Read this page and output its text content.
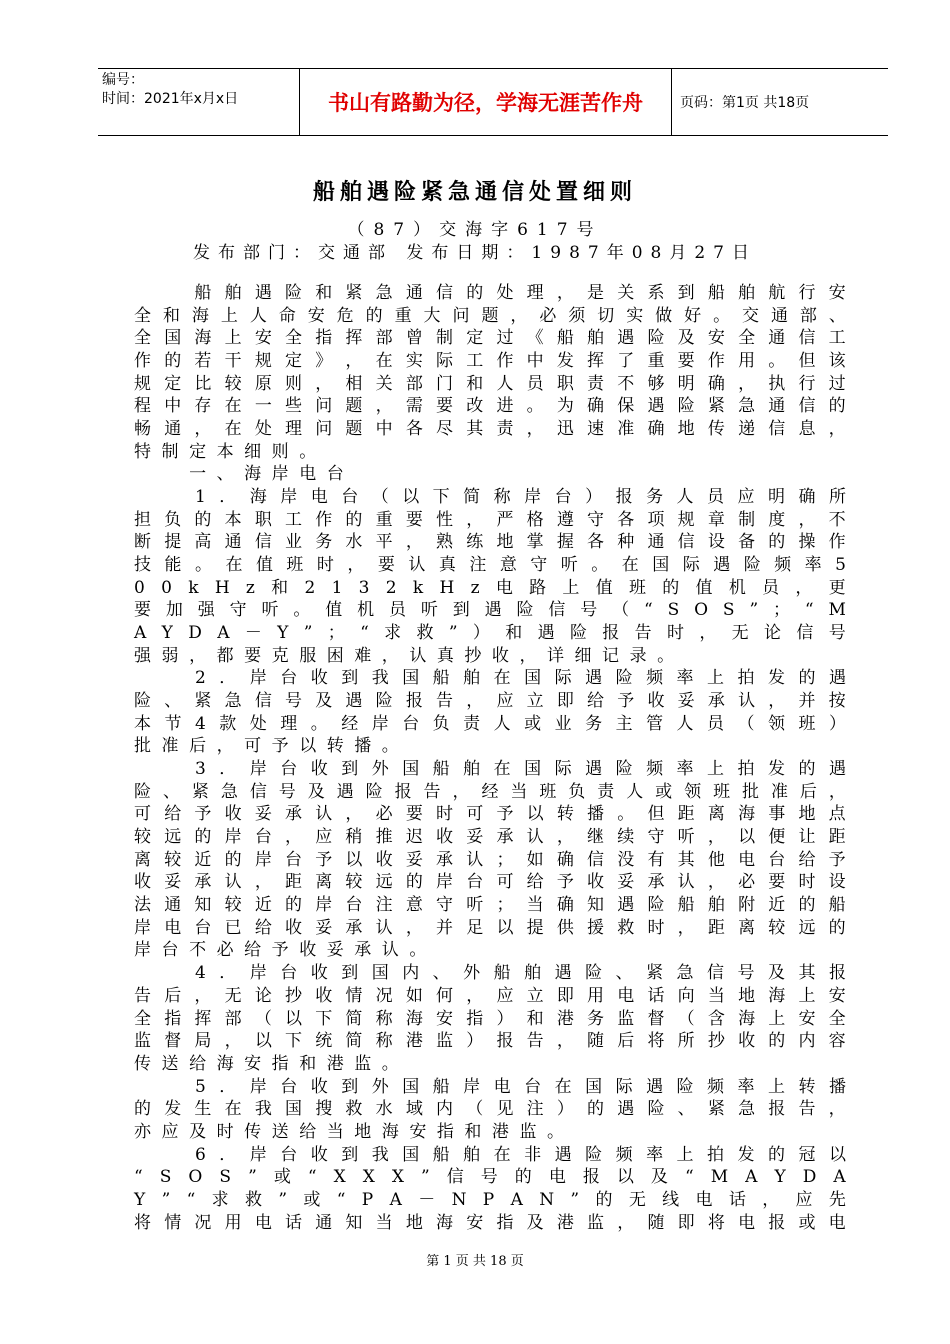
编号：
时间：2021年x月x日	书山有路勤为径，学海无涯苦作舟	页码：第1页 共18页
船舶遇险紧急通信处置细则
（87）交海字617号
发布部门：交通部 发布日期：1987年08月27日

船 舶 遇 险 和 紧 急 通 信 的 处 理 ， 是 关 系 到 船 舶 航 行 安
全 和 海 上 人 命 安 危 的 重 大 问 题 ， 必 须 切 实 做 好 。 交 通 部 、
全 国 海 上 安 全 指 挥 部 曾 制 定 过 《 船 舶 遇 险 及 安 全 通 信 工
作 的 若 干 规 定 》 ， 在 实 际 工 作 中 发 挥 了 重 要 作 用 。 但 该
规 定 比 较 原 则 ， 相 关 部 门 和 人 员 职 责 不 够 明 确 ， 执 行 过
程 中 存 在 一 些 问 题 ， 需 要 改 进 。 为 确 保 遇 险 紧 急 通 信 的
畅 通 ， 在 处 理 问 题 中 各 尽 其 责 ， 迅 速 准 确 地 传 递 信 息 ，
特 制 定 本 细 则 。

一 、 海 岸 电 台

1 ． 海 岸 电 台 （ 以 下 简 称 岸 台 ） 报 务 人 员 应 明 确 所
担 负 的 本 职 工 作 的 重 要 性 ， 严 格 遵 守 各 项 规 章 制 度 ， 不
断 提 高 通 信 业 务 水 平 ， 熟 练 地 掌 握 各 种 通 信 设 备 的 操 作
技 能 。 在 值 班 时 ， 要 认 真 注 意 守 听 。 在 国 际 遇 险 频 率 5
0 0 k H z 和 2 1 3 2 k H z 电 路 上 值 班 的 值 机 员 ， 更
要 加 强 守 听 。 值 机 员 听 到 遇 险 信 号 （ “ S O S ” ； “ M
A Y D A － Y ” ； “ 求 救 ” ） 和 遇 险 报 告 时 ， 无 论 信 号
强 弱 ， 都 要 克 服 困 难 ， 认 真 抄 收 ， 详 细 记 录 。

2 ． 岸 台 收 到 我 国 船 舶 在 国 际 遇 险 频 率 上 拍 发 的 遇
险 、 紧 急 信 号 及 遇 险 报 告 ， 应 立 即 给 予 收 妥 承 认 ， 并 按
本 节 4 款 处 理 。 经 岸 台 负 责 人 或 业 务 主 管 人 员 （ 领 班 ）
批 准 后 ， 可 予 以 转 播 。

3 ． 岸 台 收 到 外 国 船 舶 在 国 际 遇 险 频 率 上 拍 发 的 遇
险 、 紧 急 信 号 及 遇 险 报 告 ， 经 当 班 负 责 人 或 领 班 批 准 后 ，
可 给 予 收 妥 承 认 ， 必 要 时 可 予 以 转 播 。 但 距 离 海 事 地 点
较 远 的 岸 台 ， 应 稍 推 迟 收 妥 承 认 ， 继 续 守 听 ， 以 便 让 距
离 较 近 的 岸 台 予 以 收 妥 承 认 ； 如 确 信 没 有 其 他 电 台 给 予
收 妥 承 认 ， 距 离 较 远 的 岸 台 可 给 予 收 妥 承 认 ， 必 要 时 设
法 通 知 较 近 的 岸 台 注 意 守 听 ； 当 确 知 遇 险 船 舶 附 近 的 船
岸 电 台 已 给 收 妥 承 认 ， 并 足 以 提 供 援 救 时 ， 距 离 较 远 的
岸 台 不 必 给 予 收 妥 承 认 。

4 ． 岸 台 收 到 国 内 、 外 船 舶 遇 险 、 紧 急 信 号 及 其 报
告 后 ， 无 论 抄 收 情 况 如 何 ， 应 立 即 用 电 话 向 当 地 海 上 安
全 指 挥 部 （ 以 下 简 称 海 安 指 ） 和 港 务 监 督 （ 含 海 上 安 全
监 督 局 ， 以 下 统 简 称 港 监 ） 报 告 ， 随 后 将 所 抄 收 的 内 容
传 送 给 海 安 指 和 港 监 。

5 ． 岸 台 收 到 外 国 船 岸 电 台 在 国 际 遇 险 频 率 上 转 播
的 发 生 在 我 国 搜 救 水 域 内 （ 见 注 ） 的 遇 险 、 紧 急 报 告 ，
亦 应 及 时 传 送 给 当 地 海 安 指 和 港 监 。

6 ． 岸 台 收 到 我 国 船 舶 在 非 遇 险 频 率 上 拍 发 的 冠 以
“ S O S ” 或 “ X X X ” 信 号 的 电 报 以 及 “ M A Y D A
Y ” “ 求 救 ” 或 “ P A － N P A N ” 的 无 线 电 话 ， 应 先
将 情 况 用 电 话 通 知 当 地 海 安 指 及 港 监 ， 随 即 将 电 报 或 电
第 1 页 共 18 页
